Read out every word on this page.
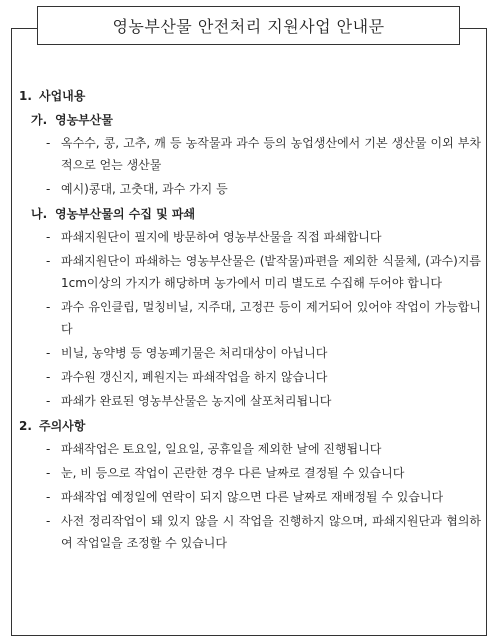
영농부산물 안전처리 지원사업 안내문
1. 사업내용
가. 영농부산물
- 옥수수, 콩, 고추, 깨 등 농작물과 과수 등의 농업생산에서 기본 생산물 이외 부차적으로 얻는 생산물
- 예시)콩대, 고춧대, 과수 가지 등
나. 영농부산물의 수집 및 파쇄
- 파쇄지원단이 필지에 방문하여 영농부산물을 직접 파쇄합니다
- 파쇄지원단이 파쇄하는 영농부산물은 (밭작물)파편을 제외한 식물체, (과수)지름 1cm이상의 가지가 해당하며 농가에서 미리 별도로 수집해 두어야 합니다
- 과수 유인클립, 멀칭비닐, 지주대, 고정끈 등이 제거되어 있어야 작업이 가능합니다
- 비닐, 농약병 등 영농폐기물은 처리대상이 아닙니다
- 과수원 갱신지, 폐원지는 파쇄작업을 하지 않습니다
- 파쇄가 완료된 영농부산물은 농지에 살포처리됩니다
2. 주의사항
- 파쇄작업은 토요일, 일요일, 공휴일을 제외한 날에 진행됩니다
- 눈, 비 등으로 작업이 곤란한 경우 다른 날짜로 결정될 수 있습니다
- 파쇄작업 예정일에 연락이 되지 않으면 다른 날짜로 재배정될 수 있습니다
- 사전 정리작업이 돼 있지 않을 시 작업을 진행하지 않으며, 파쇄지원단과 협의하여 작업일을 조정할 수 있습니다
